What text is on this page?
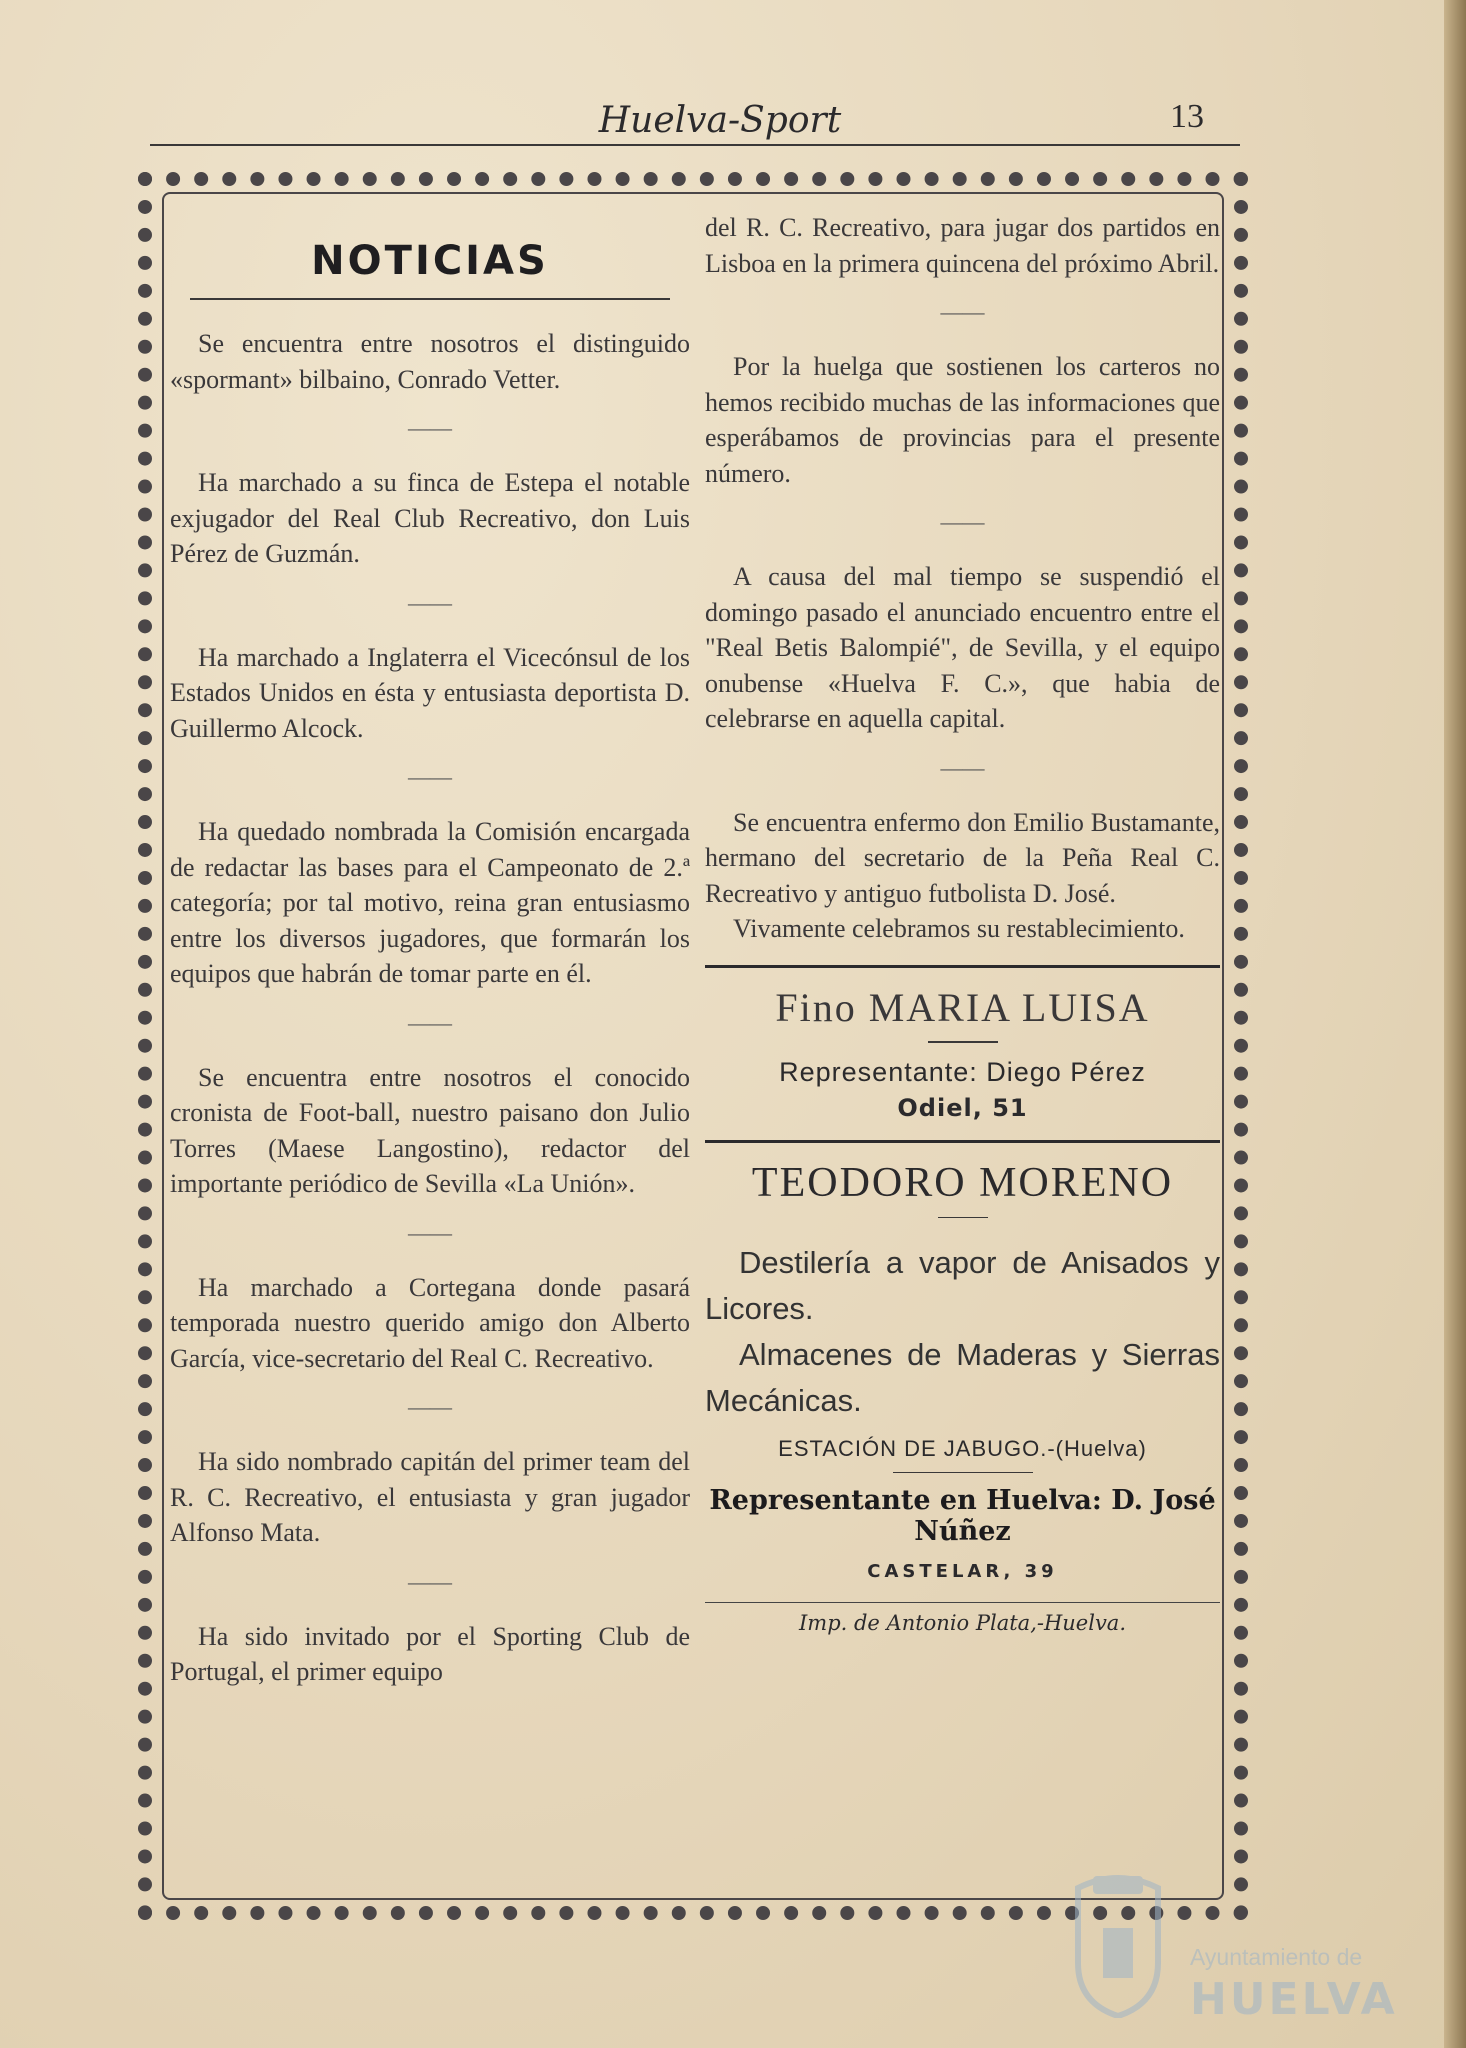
Huelva-Sport	13
NOTICIAS

Se encuentra entre nosotros el distinguido «spormant» bilbaino, Conrado Vetter.

——

Ha marchado a su finca de Estepa el notable exjugador del Real Club Recreativo, don Luis Pérez de Guzmán.

——

Ha marchado a Inglaterra el Vicecónsul de los Estados Unidos en ésta y entusiasta deportista D. Guillermo Alcock.

——

Ha quedado nombrada la Comisión encargada de redactar las bases para el Campeonato de 2.ª categoría; por tal motivo, reina gran entusiasmo entre los diversos jugadores, que formarán los equipos que habrán de tomar parte en él.

——

Se encuentra entre nosotros el conocido cronista de Foot-ball, nuestro paisano don Julio Torres (Maese Langostino), redactor del importante periódico de Sevilla «La Unión».

——

Ha marchado a Cortegana donde pasará temporada nuestro querido amigo don Alberto García, vice-secretario del Real C. Recreativo.

——

Ha sido nombrado capitán del primer team del R. C. Recreativo, el entusiasta y gran jugador Alfonso Mata.

——

Ha sido invitado por el Sporting Club de Portugal, el primer equipo

del R. C. Recreativo, para jugar dos partidos en Lisboa en la primera quincena del próximo Abril.

——

Por la huelga que sostienen los carteros no hemos recibido muchas de las informaciones que esperábamos de provincias para el presente número.

——

A causa del mal tiempo se suspendió el domingo pasado el anunciado encuentro entre el "Real Betis Balompié", de Sevilla, y el equipo onubense «Huelva F. C.», que habia de celebrarse en aquella capital.

——

Se encuentra enfermo don Emilio Bustamante, hermano del secretario de la Peña Real C. Recreativo y antiguo futbolista D. José.

Vivamente celebramos su restablecimiento.

Fino MARIA LUISA
Representante: Diego Pérez
Odiel, 51
TEODORO MORENO

Destilería a vapor de Anisados y Licores.

Almacenes de Maderas y Sierras Mecánicas.

ESTACIÓN DE JABUGO.-(Huelva)
Representante en Huelva: D. José Núñez
CASTELAR, 39
Imp. de Antonio Plata,-Huelva.
Ayuntamiento de
HUELVA
